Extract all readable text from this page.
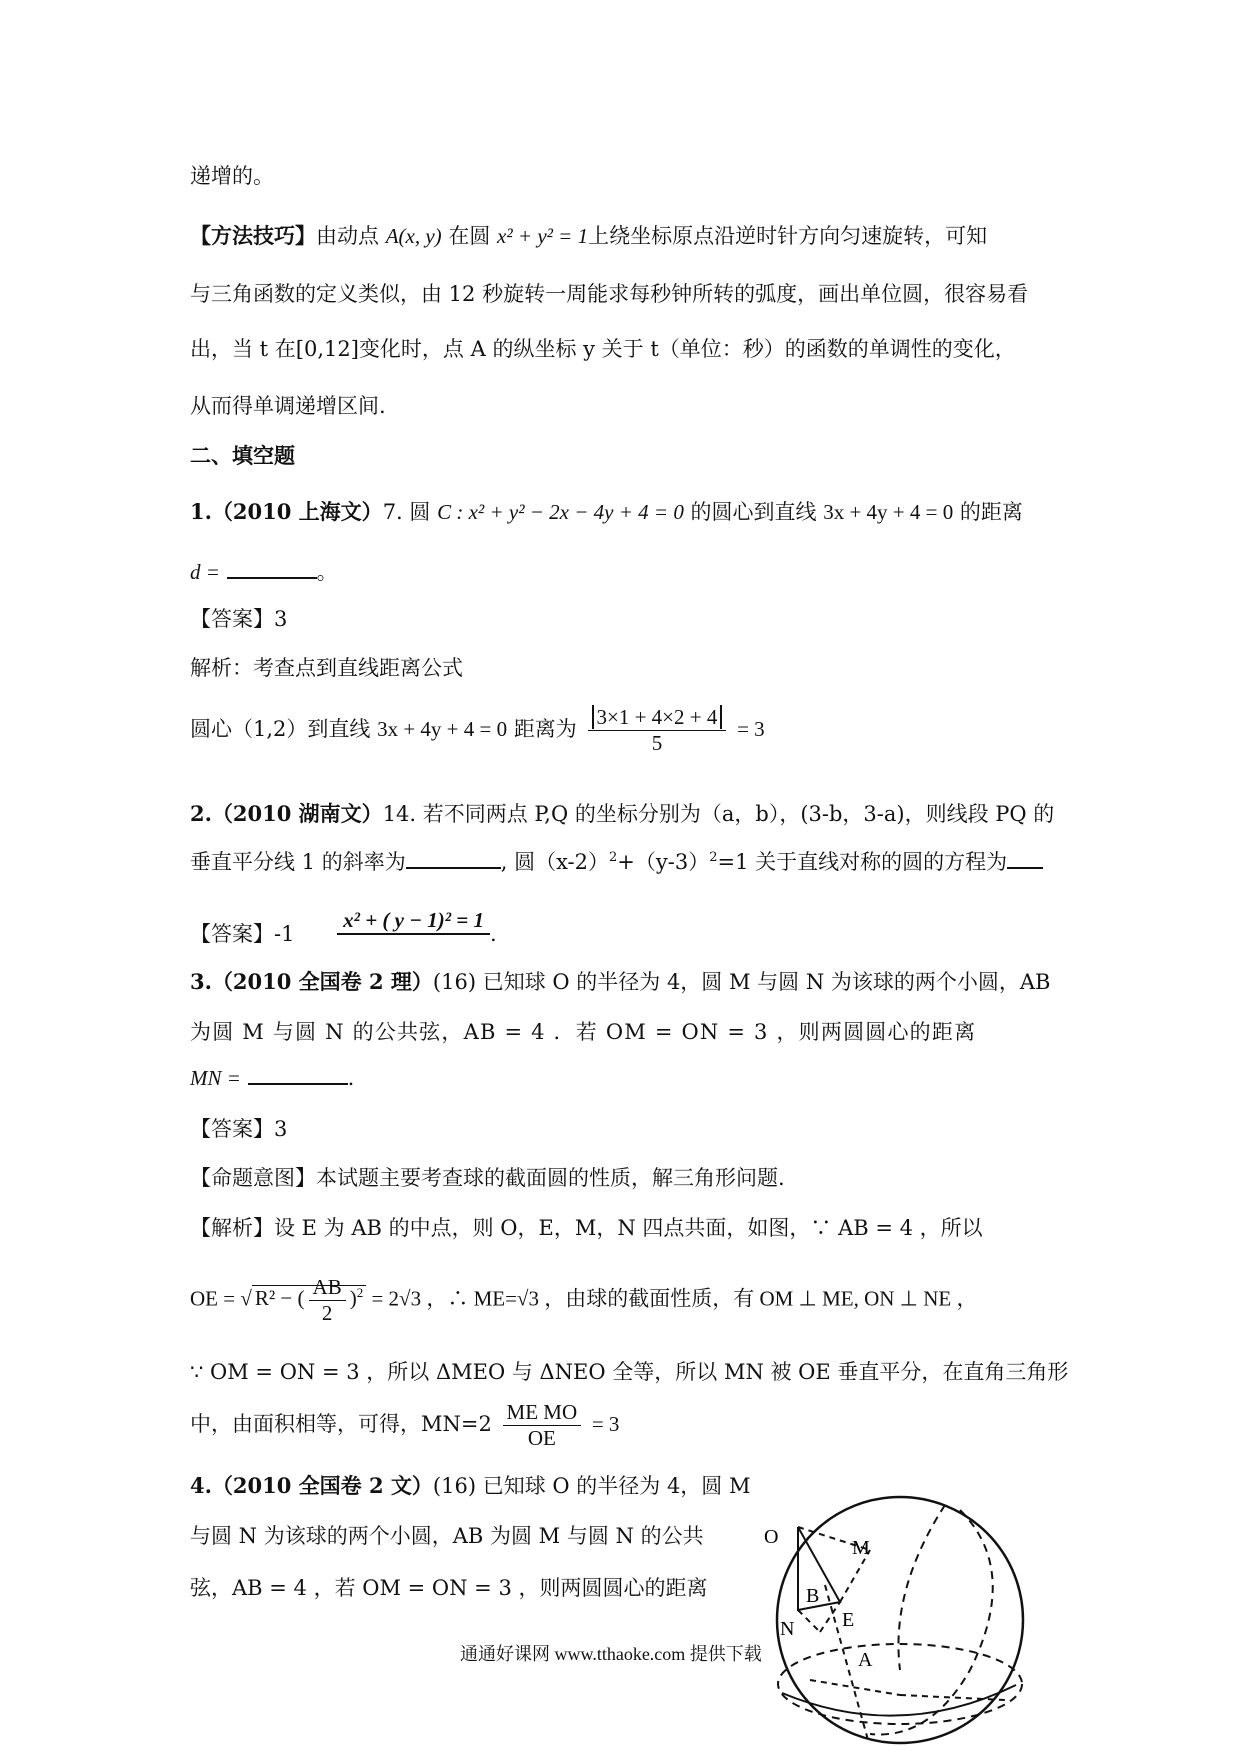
递增的。
【方法技巧】由动点 A(x, y) 在圆 x² + y² = 1上绕坐标原点沿逆时针方向匀速旋转，可知
与三角函数的定义类似，由 12 秒旋转一周能求每秒钟所转的弧度，画出单位圆，很容易看
出，当 t 在[0,12]变化时，点 A 的纵坐标 y 关于 t（单位：秒）的函数的单调性的变化，
从而得单调递增区间.
二、填空题
1.（2010 上海文）7. 圆 C : x² + y² − 2x − 4y + 4 = 0 的圆心到直线 3x + 4y + 4 = 0 的距离
d =	。
【答案】3
解析：考查点到直线距离公式
圆心（1,2）到直线 3x + 4y + 4 = 0 距离为 $\frac{3\times 1 + 4\times 2 + 4}{5} = 3$
2.（2010 湖南文）14. 若不同两点 P,Q 的坐标分别为（a，b），(3-b，3-a)，则线段 PQ 的
垂直平分线 1 的斜率为	, 圆$(x-2)^2+(y-3)^2=1$ 关于直线对称的圆的方程为
【答案】-1 x² + ( y − 1)² = 1.
3.（2010 全国卷 2 理）(16) 已知球 O 的半径为 4，圆 M 与圆 N 为该球的两个小圆，AB
为圆 M 与圆 N 的公共弦，AB = 4 ．若 OM = ON = 3 ，则两圆圆心的距离
MN =	.
【答案】3
【命题意图】本试题主要考查球的截面圆的性质，解三角形问题.
【解析】设 E 为 AB 的中点，则 O，E，M，N 四点共面，如图，∵ AB = 4 ，所以
OE = √ R² − ( $\frac{AB}{2} )^2 = 2√3$ ，∴ ME=√3 ，由球的截面性质，有 OM ⊥ ME, ON ⊥ NE ，
∵ OM = ON = 3 ，所以 ΔMEO 与 ΔNEO 全等，所以 MN 被 OE 垂直平分，在直角三角形
中，由面积相等，可得，$MN=2 \frac{\text{ME MO}}{OE} = 3$
4.（2010 全国卷 2 文）(16) 已知球 O 的半径为 4，圆 M
与圆 N 为该球的两个小圆，AB 为圆 M 与圆 N 的公共
弦，AB = 4 ，若 OM = ON = 3 ，则两圆圆心的距离
通通好课网 www.tthaoke.com 提供下载
O	M
B
N E
A
